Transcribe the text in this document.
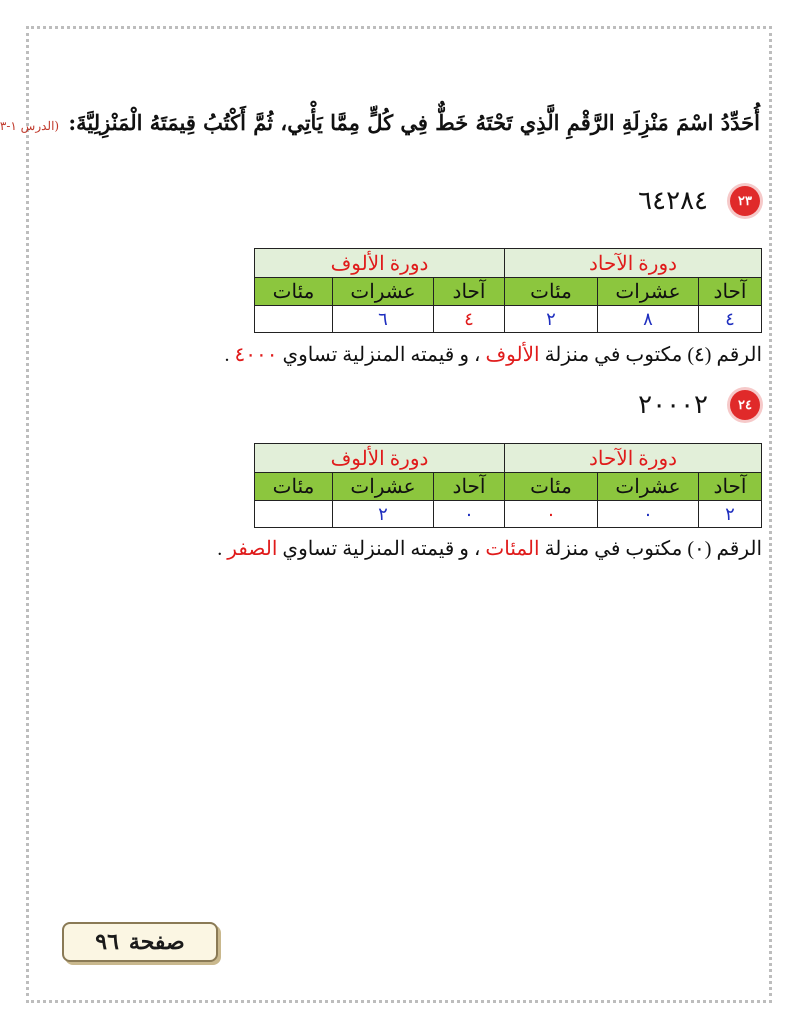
أُحَدِّدُ اسْمَ مَنْزِلَةِ الرَّقْمِ الَّذِي تَحْتَهُ خَطٌّ فِي كُلٍّ مِمَّا يَأْتِي، ثُمَّ أَكْتُبُ قِيمَتَهُ الْمَنْزِلِيَّةَ: (الدرس ١-٣
٢٣
٦٤٢٨٤
دورة الآحاد			دورة الألوف		
آحاد	عشرات	مئات	آحاد	عشرات	مئات
٤	٨	٢	٤	٦	
الرقم (٤) مكتوب في منزلة الألوف ، و قيمته المنزلية تساوي ٤٠٠٠ .
٢٤
٢٠٠٠٢
دورة الآحاد			دورة الألوف		
آحاد	عشرات	مئات	آحاد	عشرات	مئات
٢	٠	٠	٠	٢	
الرقم (٠) مكتوب في منزلة المئات ، و قيمته المنزلية تساوي الصفر .
صفحة
٩٦
